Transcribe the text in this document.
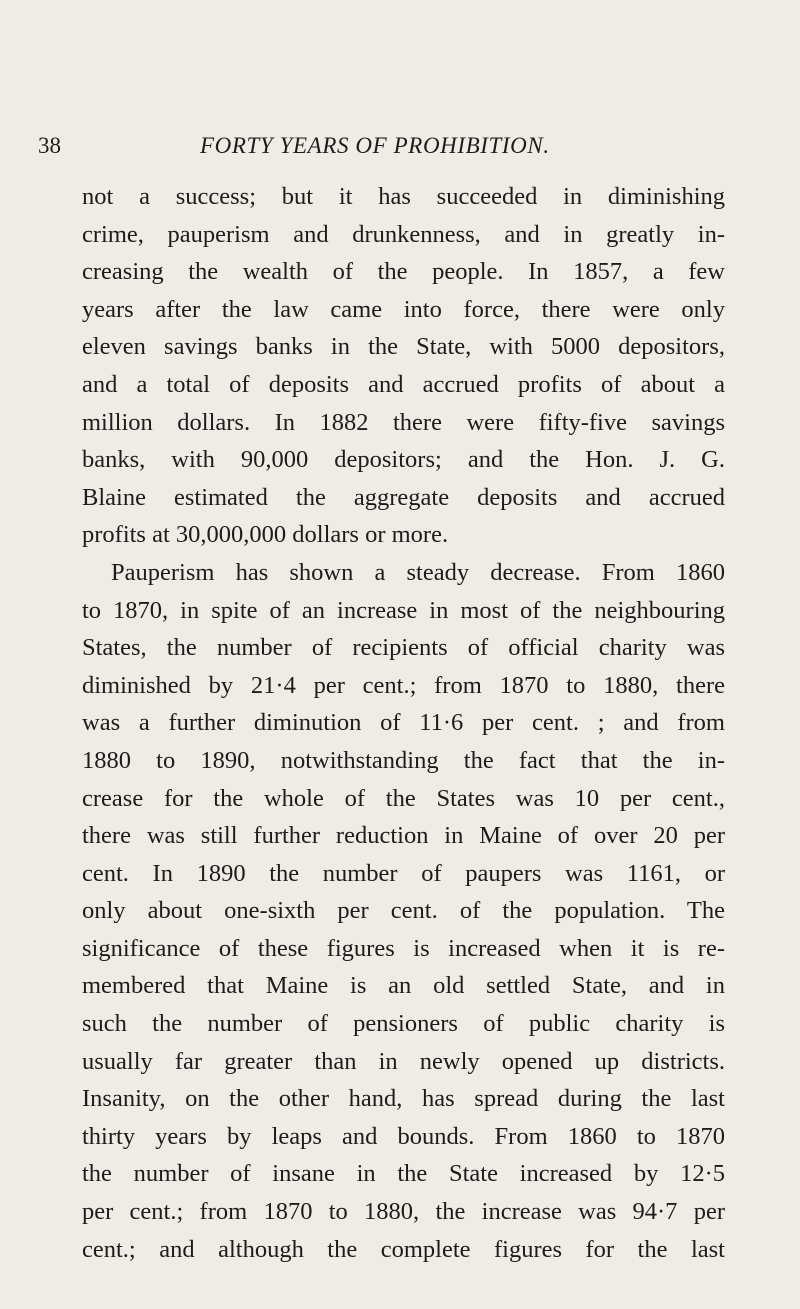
38	FORTY YEARS OF PROHIBITION.
not a success; but it has succeeded in diminishing
crime, pauperism and drunkenness, and in greatly in-
creasing the wealth of the people. In 1857, a few
years after the law came into force, there were only
eleven savings banks in the State, with 5000 depositors,
and a total of deposits and accrued profits of about a
million dollars. In 1882 there were fifty-five savings
banks, with 90,000 depositors; and the Hon. J. G.
Blaine estimated the aggregate deposits and accrued
profits at 30,000,000 dollars or more.
Pauperism has shown a steady decrease. From 1860
to 1870, in spite of an increase in most of the neighbouring
States, the number of recipients of official charity was
diminished by 21·4 per cent.; from 1870 to 1880, there
was a further diminution of 11·6 per cent. ; and from
1880 to 1890, notwithstanding the fact that the in-
crease for the whole of the States was 10 per cent.,
there was still further reduction in Maine of over 20 per
cent. In 1890 the number of paupers was 1161, or
only about one-sixth per cent. of the population. The
significance of these figures is increased when it is re-
membered that Maine is an old settled State, and in
such the number of pensioners of public charity is
usually far greater than in newly opened up districts.
Insanity, on the other hand, has spread during the last
thirty years by leaps and bounds. From 1860 to 1870
the number of insane in the State increased by 12·5
per cent.; from 1870 to 1880, the increase was 94·7 per
cent.; and although the complete figures for the last
